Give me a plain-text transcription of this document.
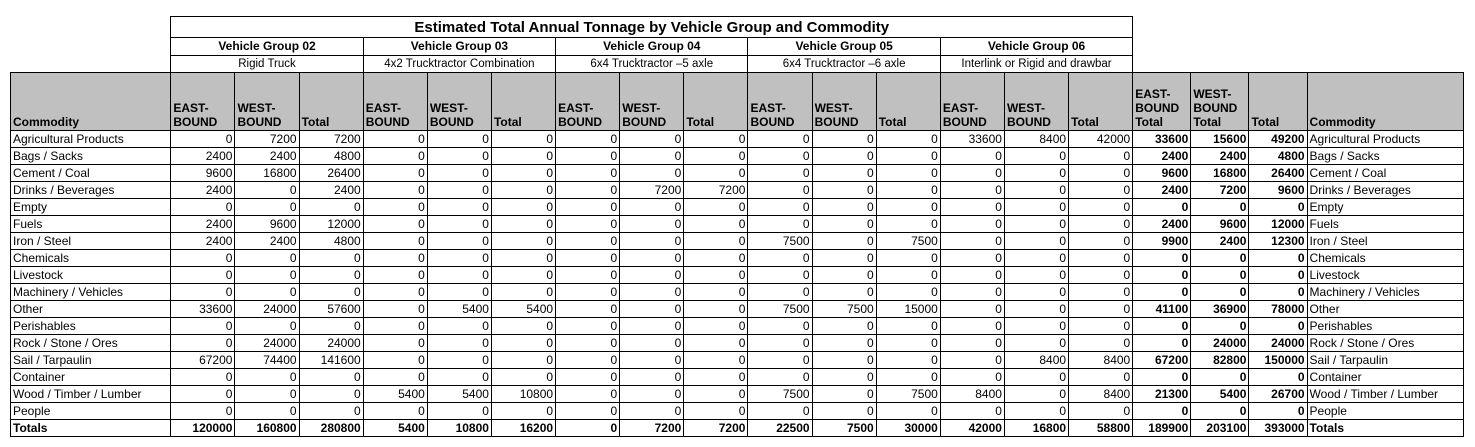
	Estimated Total Annual Tonnage by Vehicle Group and Commodity																		
	Vehicle Group 02			Vehicle Group 03			Vehicle Group 04			Vehicle Group 05			Vehicle Group 06						
	Rigid Truck			4x2 Trucktractor Combination			6x4 Trucktractor –5 axle			6x4 Trucktractor –6 axle			Interlink or Rigid and drawbar						
Commodity	EAST-BOUND	WEST-BOUND	Total	EAST-BOUND	WEST-BOUND	Total	EAST-BOUND	WEST-BOUND	Total	EAST-BOUND	WEST-BOUND	Total	EAST-BOUND	WEST-BOUND	Total	EAST-BOUND Total	WEST-BOUND Total	Total	Commodity
Agricultural Products	0	7200	7200	0	0	0	0	0	0	0	0	0	33600	8400	42000	33600	15600	49200	Agricultural Products
Bags / Sacks	2400	2400	4800	0	0	0	0	0	0	0	0	0	0	0	0	2400	2400	4800	Bags / Sacks
Cement / Coal	9600	16800	26400	0	0	0	0	0	0	0	0	0	0	0	0	9600	16800	26400	Cement / Coal
Drinks / Beverages	2400	0	2400	0	0	0	0	7200	7200	0	0	0	0	0	0	2400	7200	9600	Drinks / Beverages
Empty	0	0	0	0	0	0	0	0	0	0	0	0	0	0	0	0	0	0	Empty
Fuels	2400	9600	12000	0	0	0	0	0	0	0	0	0	0	0	0	2400	9600	12000	Fuels
Iron / Steel	2400	2400	4800	0	0	0	0	0	0	7500	0	7500	0	0	0	9900	2400	12300	Iron / Steel
Chemicals	0	0	0	0	0	0	0	0	0	0	0	0	0	0	0	0	0	0	Chemicals
Livestock	0	0	0	0	0	0	0	0	0	0	0	0	0	0	0	0	0	0	Livestock
Machinery / Vehicles	0	0	0	0	0	0	0	0	0	0	0	0	0	0	0	0	0	0	Machinery / Vehicles
Other	33600	24000	57600	0	5400	5400	0	0	0	7500	7500	15000	0	0	0	41100	36900	78000	Other
Perishables	0	0	0	0	0	0	0	0	0	0	0	0	0	0	0	0	0	0	Perishables
Rock / Stone / Ores	0	24000	24000	0	0	0	0	0	0	0	0	0	0	0	0	0	24000	24000	Rock / Stone / Ores
Sail / Tarpaulin	67200	74400	141600	0	0	0	0	0	0	0	0	0	0	8400	8400	67200	82800	150000	Sail / Tarpaulin
Container	0	0	0	0	0	0	0	0	0	0	0	0	0	0	0	0	0	0	Container
Wood / Timber / Lumber	0	0	0	5400	5400	10800	0	0	0	7500	0	7500	8400	0	8400	21300	5400	26700	Wood / Timber / Lumber
People	0	0	0	0	0	0	0	0	0	0	0	0	0	0	0	0	0	0	People
Totals	120000	160800	280800	5400	10800	16200	0	7200	7200	22500	7500	30000	42000	16800	58800	189900	203100	393000	Totals
